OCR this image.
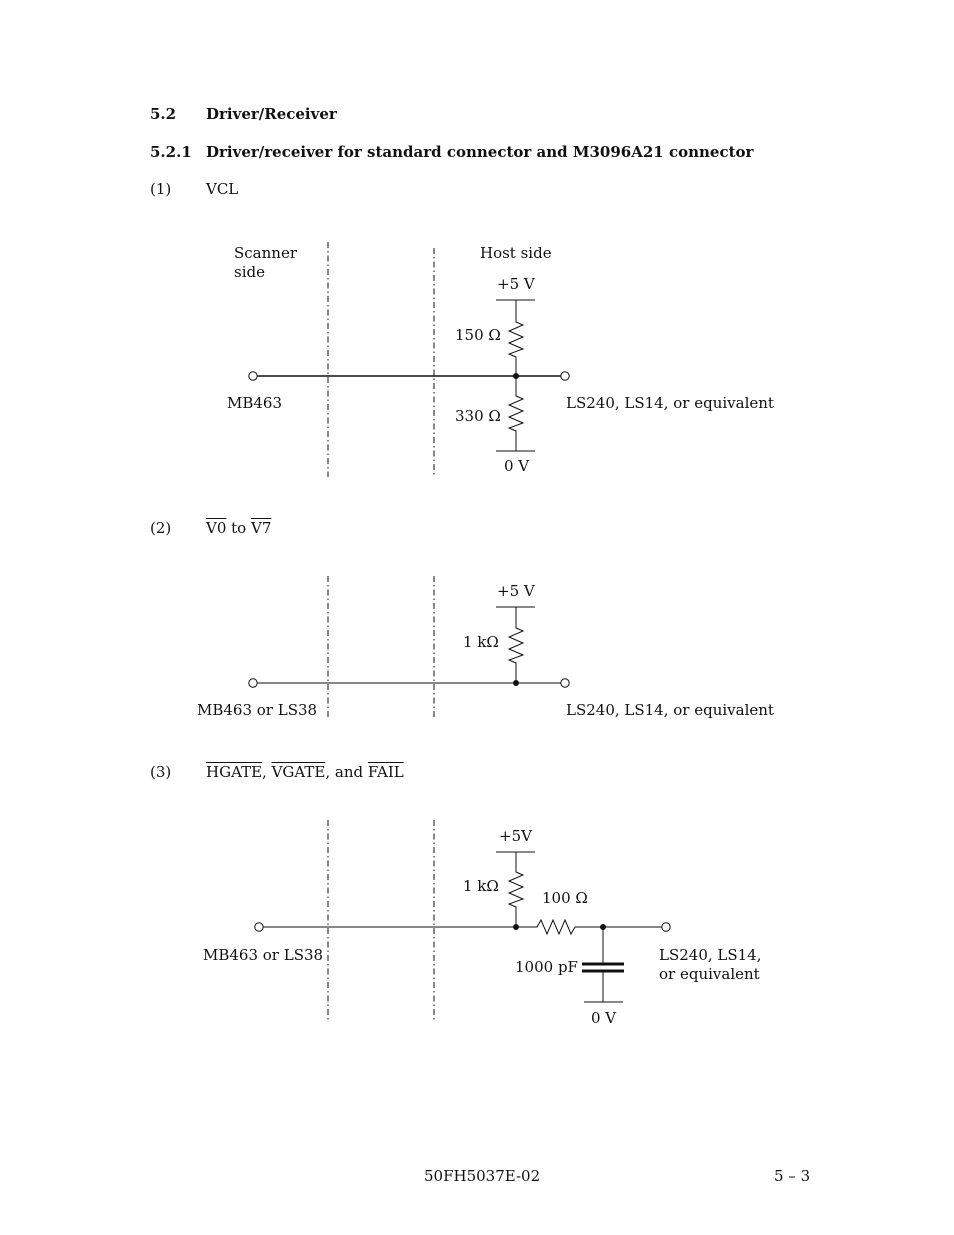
5.2 Driver/Receiver
5.2.1 Driver/receiver for standard connector and M3096A21 connector
(1) VCL
(2) V0 to V7
(3) HGATE, VGATE, and FAIL
Scanner
side
Host side
+5 V
150 Ω
MB463
330 Ω
LS240, LS14, or equivalent
0 V
+5 V
1 kΩ
MB463 or LS38	LS240, LS14, or equivalent
+5V
1 kΩ
100 Ω
MB463 or LS38
1000 pF
LS240, LS14,
or equivalent
0 V
50FH5037E-02	5 – 3
